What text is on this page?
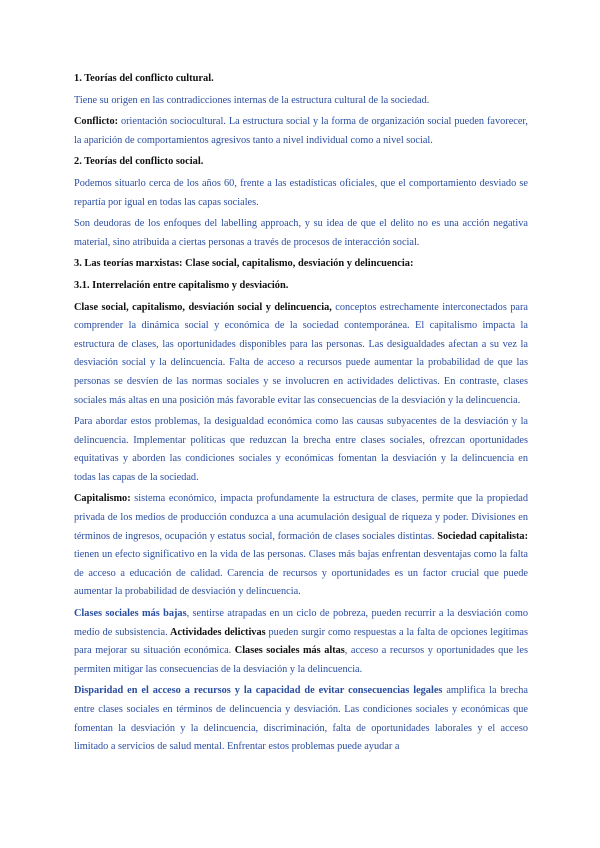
1. Teorías del conflicto cultural.

Tiene su origen en las contradicciones internas de la estructura cultural de la sociedad.

Conflicto: orientación sociocultural. La estructura social y la forma de organización social pueden favorecer, la aparición de comportamientos agresivos tanto a nivel individual como a nivel social.

2. Teorías del conflicto social.

Podemos situarlo cerca de los años 60, frente a las estadísticas oficiales, que el comportamiento desviado se repartía por igual en todas las capas sociales.

Son deudoras de los enfoques del labelling approach, y su idea de que el delito no es una acción negativa material, sino atribuida a ciertas personas a través de procesos de interacción social.

3. Las teorías marxistas: Clase social, capitalismo, desviación y delincuencia:

3.1. Interrelación entre capitalismo y desviación.

Clase social, capitalismo, desviación social y delincuencia, conceptos estrechamente interconectados para comprender la dinámica social y económica de la sociedad contemporánea. El capitalismo impacta la estructura de clases, las oportunidades disponibles para las personas. Las desigualdades afectan a su vez la desviación social y la delincuencia. Falta de acceso a recursos puede aumentar la probabilidad de que las personas se desvíen de las normas sociales y se involucren en actividades delictivas. En contraste, clases sociales más altas en una posición más favorable evitar las consecuencias de la desviación y la delincuencia.

Para abordar estos problemas, la desigualdad económica como las causas subyacentes de la desviación y la delincuencia. Implementar políticas que reduzcan la brecha entre clases sociales, ofrezcan oportunidades equitativas y aborden las condiciones sociales y económicas fomentan la desviación y la delincuencia en todas las capas de la sociedad.

Capitalismo: sistema económico, impacta profundamente la estructura de clases, permite que la propiedad privada de los medios de producción conduzca a una acumulación desigual de riqueza y poder. Divisiones en términos de ingresos, ocupación y estatus social, formación de clases sociales distintas. Sociedad capitalista: tienen un efecto significativo en la vida de las personas. Clases más bajas enfrentan desventajas como la falta de acceso a educación de calidad. Carencia de recursos y oportunidades es un factor crucial que puede aumentar la probabilidad de desviación y delincuencia.

Clases sociales más bajas, sentirse atrapadas en un ciclo de pobreza, pueden recurrir a la desviación como medio de subsistencia. Actividades delictivas pueden surgir como respuestas a la falta de opciones legítimas para mejorar su situación económica. Clases sociales más altas, acceso a recursos y oportunidades que les permiten mitigar las consecuencias de la desviación y la delincuencia.

Disparidad en el acceso a recursos y la capacidad de evitar consecuencias legales amplifica la brecha entre clases sociales en términos de delincuencia y desviación. Las condiciones sociales y económicas que fomentan la desviación y la delincuencia, discriminación, falta de oportunidades laborales y el acceso limitado a servicios de salud mental. Enfrentar estos problemas puede ayudar a
